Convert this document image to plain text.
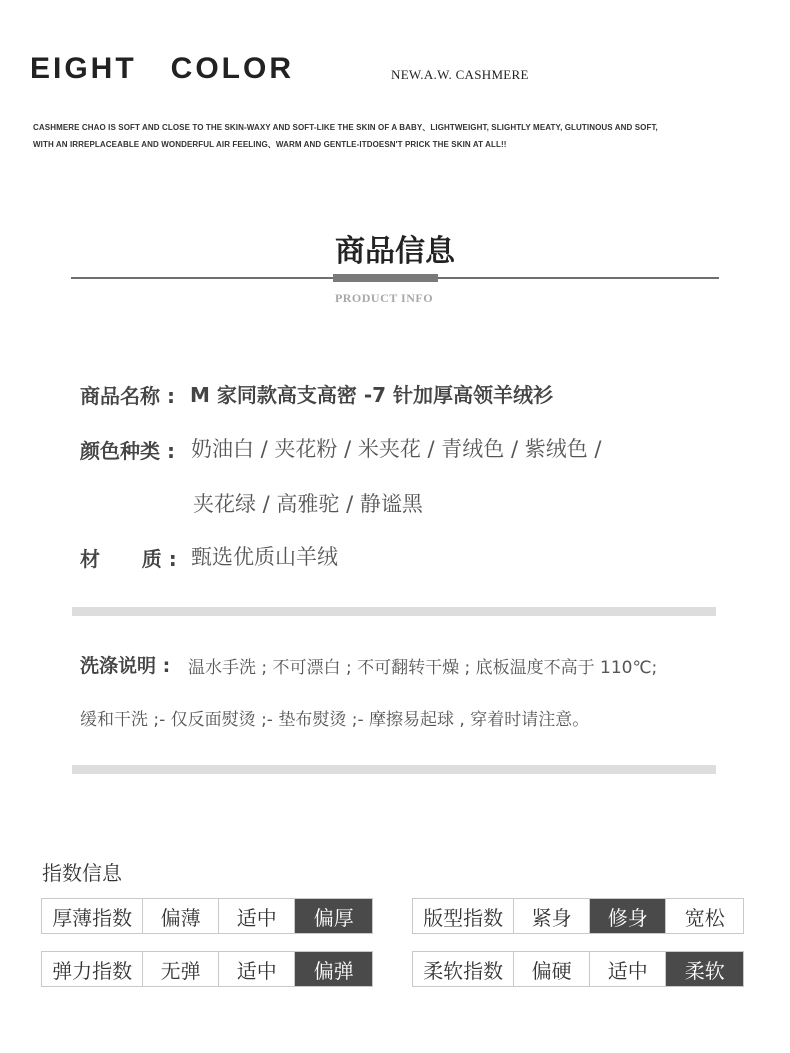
EIGHT   COLOR	NEW.A.W. CASHMERE
CASHMERE CHAO IS SOFT AND CLOSE TO THE SKIN-WAXY AND SOFT-LIKE THE SKIN OF A BABY、LIGHTWEIGHT, SLIGHTLY MEATY, GLUTINOUS AND SOFT,
WITH AN IRREPLACEABLE AND WONDERFUL AIR FEELING、WARM AND GENTLE-ITDOESN'T PRICK THE SKIN AT ALL!!
商品信息
PRODUCT INFO
商品名称 : M 家同款高支高密 -7 针加厚高领羊绒衫
颜色种类 : 奶油白 / 夹花粉 / 米夹花 / 青绒色 / 紫绒色 /
夹花绿 / 高雅驼 / 静谧黑
材      质 : 甄选优质山羊绒
洗涤说明 : 温水手洗 ; 不可漂白 ; 不可翻转干燥 ; 底板温度不高于 110℃;
缓和干洗 ;- 仅反面熨烫 ;- 垫布熨烫 ;- 摩擦易起球 , 穿着时请注意。
指数信息
厚薄指数	偏薄	适中	偏厚	版型指数	紧身	修身	宽松
弹力指数	无弹	适中	偏弹	柔软指数	偏硬	适中	柔软
